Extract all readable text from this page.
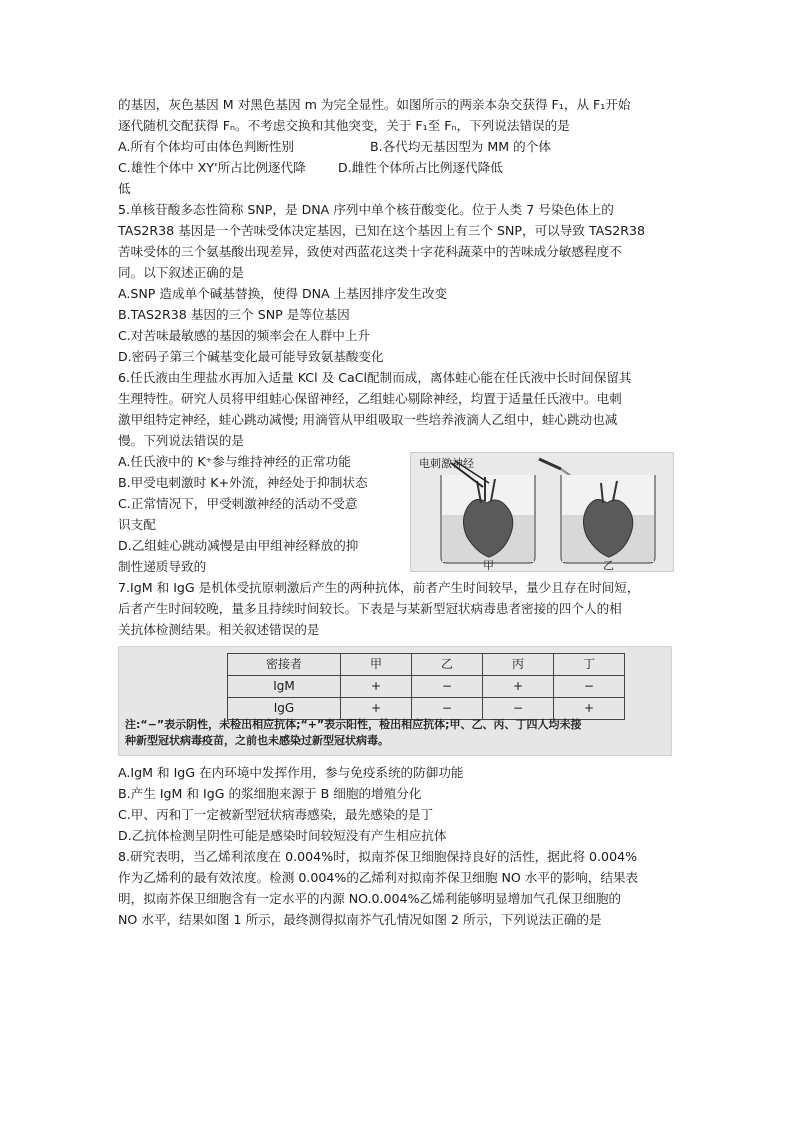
的基因，灰色基因 M 对黑色基因 m 为完全显性。如图所示的两亲本杂交获得 F₁，从 F₁开始

逐代随机交配获得 Fₙ。不考虑交换和其他突变，关于 F₁至 Fₙ，下列说法错误的是

A.所有个体均可由体色判断性别	B.各代均无基因型为 MM 的个体
C.雄性个体中 XY'所占比例逐代降低
D.雌性个体所占比例逐代降低

5.单核苷酸多态性简称 SNP，是 DNA 序列中单个核苷酸变化。位于人类 7 号染色体上的

TAS2R38 基因是一个苦味受体决定基因，已知在这个基因上有三个 SNP，可以导致 TAS2R38

苦味受体的三个氨基酸出现差异，致使对西蓝花这类十字花科蔬菜中的苦味成分敏感程度不

同。以下叙述正确的是

A.SNP 造成单个碱基替换，使得 DNA 上基因排序发生改变

B.TAS2R38 基因的三个 SNP 是等位基因

C.对苦味最敏感的基因的频率会在人群中上升

D.密码子第三个碱基变化最可能导致氨基酸变化

6.任氏液由生理盐水再加入适量 KCl 及 CaCl配制而成，离体蛙心能在任氏液中长时间保留其

生理特性。研究人员将甲组蛙心保留神经，乙组蛙心剔除神经，均置于适量任氏液中。电刺

激甲组特定神经，蛙心跳动减慢; 用滴管从甲组吸取一些培养液滴人乙组中，蛙心跳动也减

慢。下列说法错误的是

A.任氏液中的 K⁺参与维持神经的正常功能

B.甲受电刺激时 K+外流，神经处于抑制状态

C.正常情况下，甲受刺激神经的活动不受意

识支配

D.乙组蛙心跳动减慢是由甲组神经释放的抑

制性递质导致的

电刺激神经
甲	乙

7.IgM 和 IgG 是机体受抗原刺激后产生的两种抗体，前者产生时间较早，量少且存在时间短，

后者产生时间较晚，量多且持续时间较长。下表是与某新型冠状病毒患者密接的四个人的相

关抗体检测结果。相关叙述错误的是

密接者	甲	乙	丙	丁
IgM	+	−	+	−
IgG	+	−	−	+
注:“−”表示阴性，未检出相应抗体;“+”表示阳性，检出相应抗体;甲、乙、丙、丁四人均未接
种新型冠状病毒疫苗，之前也未感染过新型冠状病毒。

A.IgM 和 IgG 在内环境中发挥作用，参与免疫系统的防御功能

B.产生 IgM 和 IgG 的浆细胞来源于 B 细胞的增殖分化

C.甲、丙和丁一定被新型冠状病毒感染，最先感染的是丁

D.乙抗体检测呈阴性可能是感染时间较短没有产生相应抗体

8.研究表明，当乙烯利浓度在 0.004%时，拟南芥保卫细胞保持良好的活性，据此将 0.004%

作为乙烯利的最有效浓度。检测 0.004%的乙烯利对拟南芥保卫细胞 NO 水平的影响，结果表

明，拟南芥保卫细胞含有一定水平的内源 NO.0.004%乙烯利能够明显增加气孔保卫细胞的

NO 水平，结果如图 1 所示，最终测得拟南芥气孔情况如图 2 所示，下列说法正确的是
